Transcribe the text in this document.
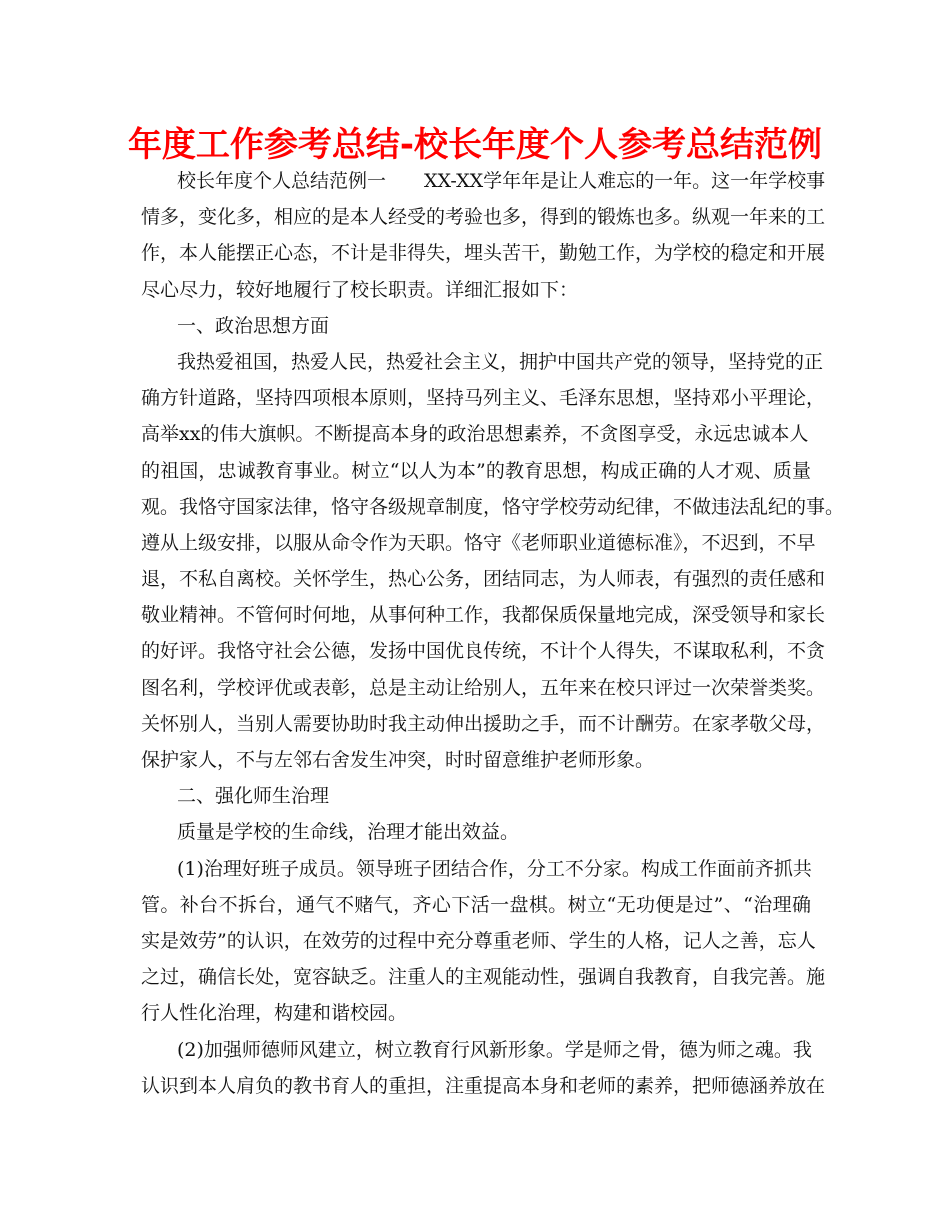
年度工作参考总结-校长年度个人参考总结范例
校长年度个人总结范例一　　XX-XX学年年是让人难忘的一年。这一年学校事
情多，变化多，相应的是本人经受的考验也多，得到的锻炼也多。纵观一年来的工
作，本人能摆正心态，不计是非得失，埋头苦干，勤勉工作，为学校的稳定和开展
尽心尽力，较好地履行了校长职责。详细汇报如下：
一、政治思想方面
我热爱祖国，热爱人民，热爱社会主义，拥护中国共产党的领导，坚持党的正
确方针道路，坚持四项根本原则，坚持马列主义、毛泽东思想，坚持邓小平理论，
高举xx的伟大旗帜。不断提高本身的政治思想素养，不贪图享受，永远忠诚本人
的祖国，忠诚教育事业。树立“以人为本”的教育思想，构成正确的人才观、质量
观。我恪守国家法律，恪守各级规章制度，恪守学校劳动纪律，不做违法乱纪的事。
遵从上级安排，以服从命令作为天职。恪守《老师职业道德标准》，不迟到，不早
退，不私自离校。关怀学生，热心公务，团结同志，为人师表，有强烈的责任感和
敬业精神。不管何时何地，从事何种工作，我都保质保量地完成，深受领导和家长
的好评。我恪守社会公德，发扬中国优良传统，不计个人得失，不谋取私利，不贪
图名利，学校评优或表彰，总是主动让给别人，五年来在校只评过一次荣誉类奖。
关怀别人，当别人需要协助时我主动伸出援助之手，而不计酬劳。在家孝敬父母，
保护家人，不与左邻右舍发生冲突，时时留意维护老师形象。
二、强化师生治理
质量是学校的生命线，治理才能出效益。
(1)治理好班子成员。领导班子团结合作，分工不分家。构成工作面前齐抓共
管。补台不拆台，通气不赌气，齐心下活一盘棋。树立“无功便是过”、“治理确
实是效劳”的认识，在效劳的过程中充分尊重老师、学生的人格，记人之善，忘人
之过，确信长处，宽容缺乏。注重人的主观能动性，强调自我教育，自我完善。施
行人性化治理，构建和谐校园。
(2)加强师德师风建立，树立教育行风新形象。学是师之骨，德为师之魂。我
认识到本人肩负的教书育人的重担，注重提高本身和老师的素养，把师德涵养放在
